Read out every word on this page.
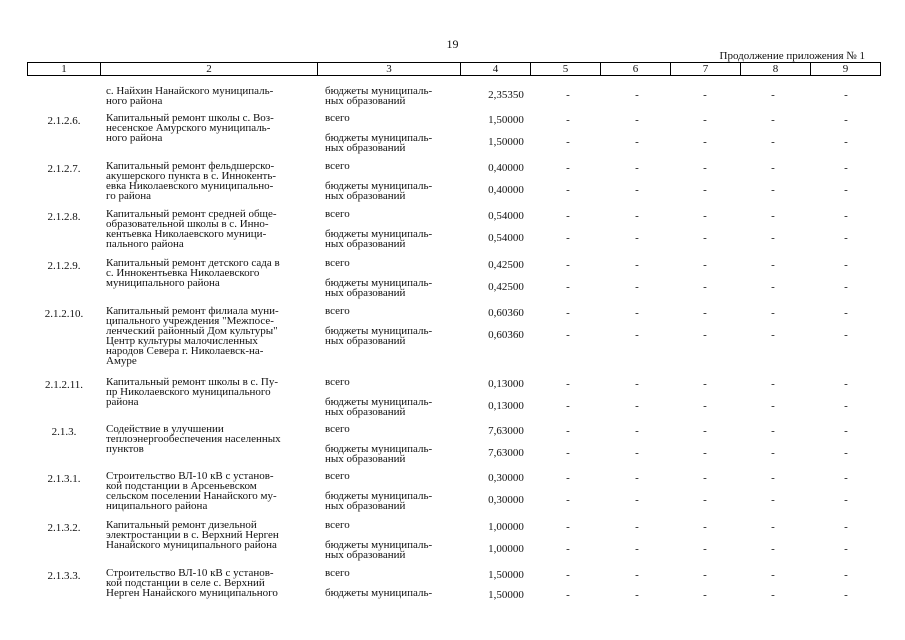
19
Продолжение приложения № 1
1	2	3	4	5	6	7	8	9
с. Найхин Нанайского муниципаль-
ного района
бюджеты муниципаль-
ных образований	2,35350	-	-	-	-	-
2.1.2.6.	Капитальный ремонт школы с. Воз-
несенское Амурского муниципаль-
ного района
всего	1,50000	-	-	-	-	-
бюджеты муниципаль-
ных образований	1,50000	-	-	-	-	-
2.1.2.7.	Капитальный ремонт фельдшерско-
акушерского пункта в с. Иннокенть-
евка Николаевского муниципально-
го района
всего	0,40000	-	-	-	-	-
бюджеты муниципаль-
ных образований	0,40000	-	-	-	-	-
2.1.2.8.	Капитальный ремонт средней обще-
образовательной школы в с. Инно-
кентьевка Николаевского муници-
пального района
всего	0,54000	-	-	-	-	-
бюджеты муниципаль-
ных образований	0,54000	-	-	-	-	-
2.1.2.9.	Капитальный ремонт детского сада в
с. Иннокентьевка Николаевского
муниципального района
всего	0,42500	-	-	-	-	-
бюджеты муниципаль-
ных образований	0,42500	-	-	-	-	-
2.1.2.10.	Капитальный ремонт филиала муни-
ципального учреждения "Межпосе-
ленческий районный Дом культуры"
Центр культуры малочисленных
народов Севера г. Николаевск-на-
Амуре
всего	0,60360	-	-	-	-	-
бюджеты муниципаль-
ных образований	0,60360	-	-	-	-	-
2.1.2.11.	Капитальный ремонт школы в с. Пу-
пр Николаевского муниципального
района
всего	0,13000	-	-	-	-	-
бюджеты муниципаль-
ных образований	0,13000	-	-	-	-	-
2.1.3.	Содействие в улучшении
теплоэнергообеспечения населенных
пунктов
всего	7,63000	-	-	-	-	-
бюджеты муниципаль-
ных образований	7,63000	-	-	-	-	-
2.1.3.1.	Строительство ВЛ-10 кВ с установ-
кой подстанции в Арсеньевском
сельском поселении Нанайского му-
ниципального района
всего	0,30000	-	-	-	-	-
бюджеты муниципаль-
ных образований	0,30000	-	-	-	-	-
2.1.3.2.	Капитальный ремонт дизельной
электростанции в с. Верхний Нерген
Нанайского муниципального района
всего	1,00000	-	-	-	-	-
бюджеты муниципаль-
ных образований	1,00000	-	-	-	-	-
2.1.3.3.	Строительство ВЛ-10 кВ с установ-
кой подстанции в селе с. Верхний
Нерген Нанайского муниципального
всего	1,50000	-	-	-	-	-
бюджеты муниципаль-	1,50000	-	-	-	-	-
